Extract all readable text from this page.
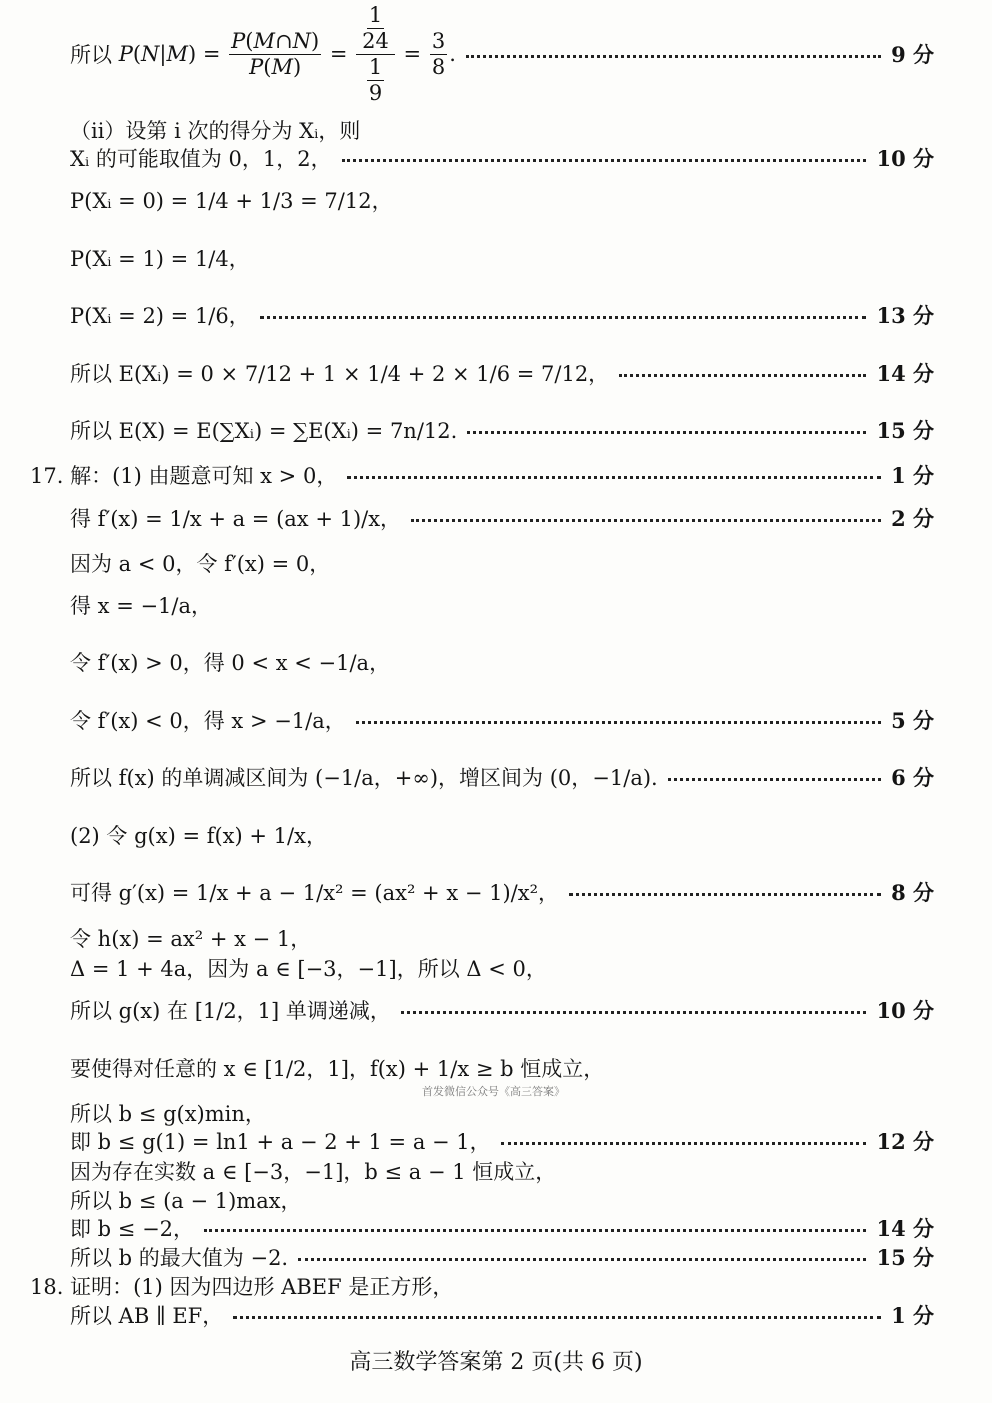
所以 P ( N | M ) = $\frac{P(M\cap N)}{P(M)} = \frac{\frac{1}{24}}{\frac{1}{9}} = \frac{3}{8}$ .	9 分
（ⅱ）设第 i 次的得分为 Xᵢ，则
Xᵢ 的可能取值为 0，1，2，	10 分
P(Xᵢ = 0) = 1/4 + 1/3 = 7/12，
P(Xᵢ = 1) = 1/4，
P(Xᵢ = 2) = 1/6，	13 分
所以 E(Xᵢ) = 0 × 7/12 + 1 × 1/4 + 2 × 1/6 = 7/12，	14 分
所以 E(X) = E(∑Xᵢ) = ∑E(Xᵢ) = 7n/12.	15 分
17. 解：(1) 由题意可知 x > 0，	1 分
得 f′(x) = 1/x + a = (ax + 1)/x，	2 分
因为 a < 0，令 f′(x) = 0，
得 x = −1/a，
令 f′(x) > 0，得 0 < x < −1/a，
令 f′(x) < 0，得 x > −1/a，	5 分
所以 f(x) 的单调减区间为 (−1/a，+∞)，增区间为 (0，−1/a).	6 分
(2) 令 g(x) = f(x) + 1/x，
可得 g′(x) = 1/x + a − 1/x² = (ax² + x − 1)/x²，	8 分
令 h(x) = ax² + x − 1，
Δ = 1 + 4a，因为 a ∈ [−3，−1]，所以 Δ < 0，
所以 g(x) 在 [1/2，1] 单调递减，	10 分
要使得对任意的 x ∈ [1/2，1]，f(x) + 1/x ≥ b 恒成立，
首发微信公众号《高三答案》
所以 b ≤ g(x)min，
即 b ≤ g(1) = ln1 + a − 2 + 1 = a − 1，	12 分
因为存在实数 a ∈ [−3，−1]，b ≤ a − 1 恒成立，
所以 b ≤ (a − 1)max，
即 b ≤ −2，	14 分
所以 b 的最大值为 −2.	15 分
18. 证明：(1) 因为四边形 ABEF 是正方形，
所以 AB ∥ EF，	1 分
高三数学答案第 2 页(共 6 页)
